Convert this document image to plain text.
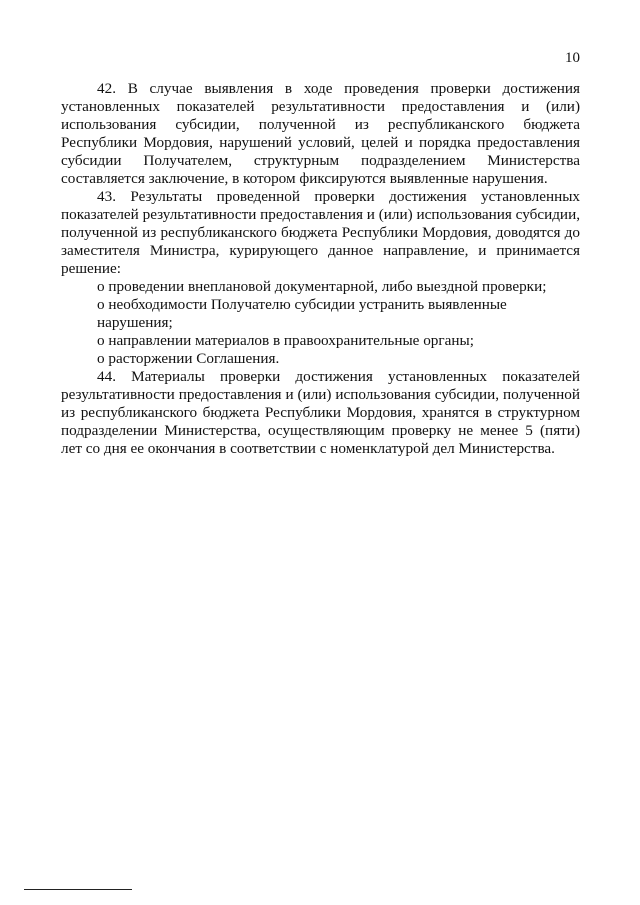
10

42. В случае выявления в ходе проведения проверки достижения установленных показателей результативности предоставления и (или) использования субсидии, полученной из республиканского бюджета Республики Мордовия, нарушений условий, целей и порядка предоставления субсидии Получателем, структурным подразделением Министерства составляется заключение, в котором фиксируются выявленные нарушения.

43. Результаты проведенной проверки достижения установленных показателей результативности предоставления и (или) использования субсидии, полученной из республиканского бюджета Республики Мордовия, доводятся до заместителя Министра, курирующего данное направление, и принимается решение:

о проведении внеплановой документарной, либо выездной проверки;

о необходимости Получателю субсидии устранить выявленные нарушения;

о направлении материалов в правоохранительные органы;

о расторжении Соглашения.

44. Материалы проверки достижения установленных показателей результативности предоставления и (или) использования субсидии, полученной из республиканского бюджета Республики Мордовия, хранятся в структурном подразделении Министерства, осуществляющим проверку не менее 5 (пяти) лет со дня ее окончания в соответствии с номенклатурой дел Министерства.
